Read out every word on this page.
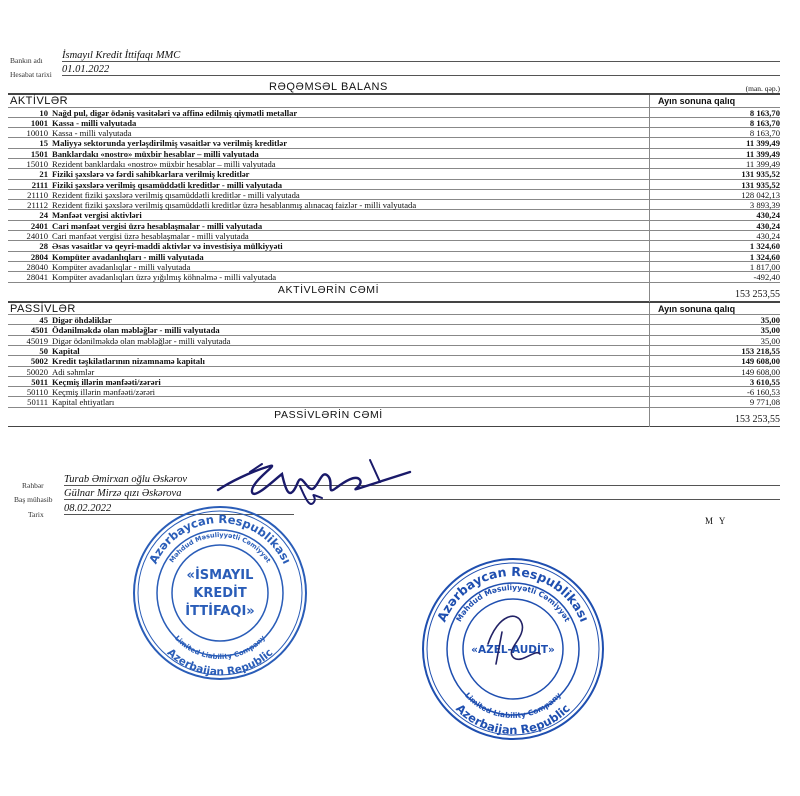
Bankın adı İsmayıl Kredit İttifaqı MMC
Hesabat tarixi 01.01.2022
RƏQƏMSƏL BALANS	(man. qəp.)
AKTİVLƏR	Ayın sonuna qalıq
10 Nağd pul, digər ödəniş vasitələri və affinə edilmiş qiymətli metallar	8 163,70
1001 Kassa - milli valyutada	8 163,70
10010 Kassa - milli valyutada	8 163,70
15 Maliyyə sektorunda yerləşdirilmiş vəsaitlər və verilmiş kreditlər	11 399,49
1501 Banklardakı «nostro» müxbir hesablar – milli valyutada	11 399,49
15010 Rezident banklardakı «nostro» müxbir hesablar – milli valyutada	11 399,49
21 Fiziki şəxslərə və fərdi sahibkarlara verilmiş kreditlər	131 935,52
2111 Fiziki şəxslərə verilmiş qısamüddətli kreditlər - milli valyutada	131 935,52
21110 Rezident fiziki şəxslərə verilmiş qısamüddətli kreditlər - milli valyutada	128 042,13
21112 Rezident fiziki şəxslərə verilmiş qısamüddətli kreditlər üzrə hesablanmış alınacaq faizlər - milli valyutada	3 893,39
24 Mənfəət vergisi aktivləri	430,24
2401 Cari mənfəət vergisi üzrə hesablaşmalar - milli valyutada	430,24
24010 Cari mənfəət vergisi üzrə hesablaşmalar - milli valyutada	430,24
28 Əsas vəsaitlər və qeyri-maddi aktivlər və investisiya mülkiyyəti	1 324,60
2804 Kompüter avadanlıqları - milli valyutada	1 324,60
28040 Kompüter avadanlıqlar - milli valyutada	1 817,00
28041 Kompüter avadanlıqları üzrə yığılmış köhnəlmə - milli valyutada	-492,40
AKTİVLƏRİN CƏMİ	153 253,55
PASSİVLƏR	Ayın sonuna qalıq
45 Digər öhdəliklər	35,00
4501 Ödənilməkdə olan məbləğlər - milli valyutada	35,00
45019 Digər ödənilməkdə olan məbləğlər - milli valyutada	35,00
50 Kapital	153 218,55
5002 Kredit təşkilatlarının nizamnamə kapitalı	149 608,00
50020 Adi səhmlər	149 608,00
5011 Keçmiş illərin mənfəəti/zərəri	3 610,55
50110 Keçmiş illərin mənfəəti/zərəri	-6 160,53
50111 Kapital ehtiyatları	9 771,08
PASSİVLƏRİN CƏMİ	153 253,55
Rəhbər
Turab Əmirxan oğlu Əskərov
Baş mühasib
Gülnar Mirzə qızı Əskərova
Tarix
08.02.2022
M Y
Azərbaycan Respublikası
Azerbaijan Republic
Məhdud Məsuliyyətli Cəmiyyət
Limited Liability Company
«İSMAYIL
KREDİT
İTTİFAQI»	Azərbaycan Respublikası
Azerbaijan Republic
Məhdud Məsuliyyətli Cəmiyyət
Limited Liability Company
«AZEL-AUDİT»
